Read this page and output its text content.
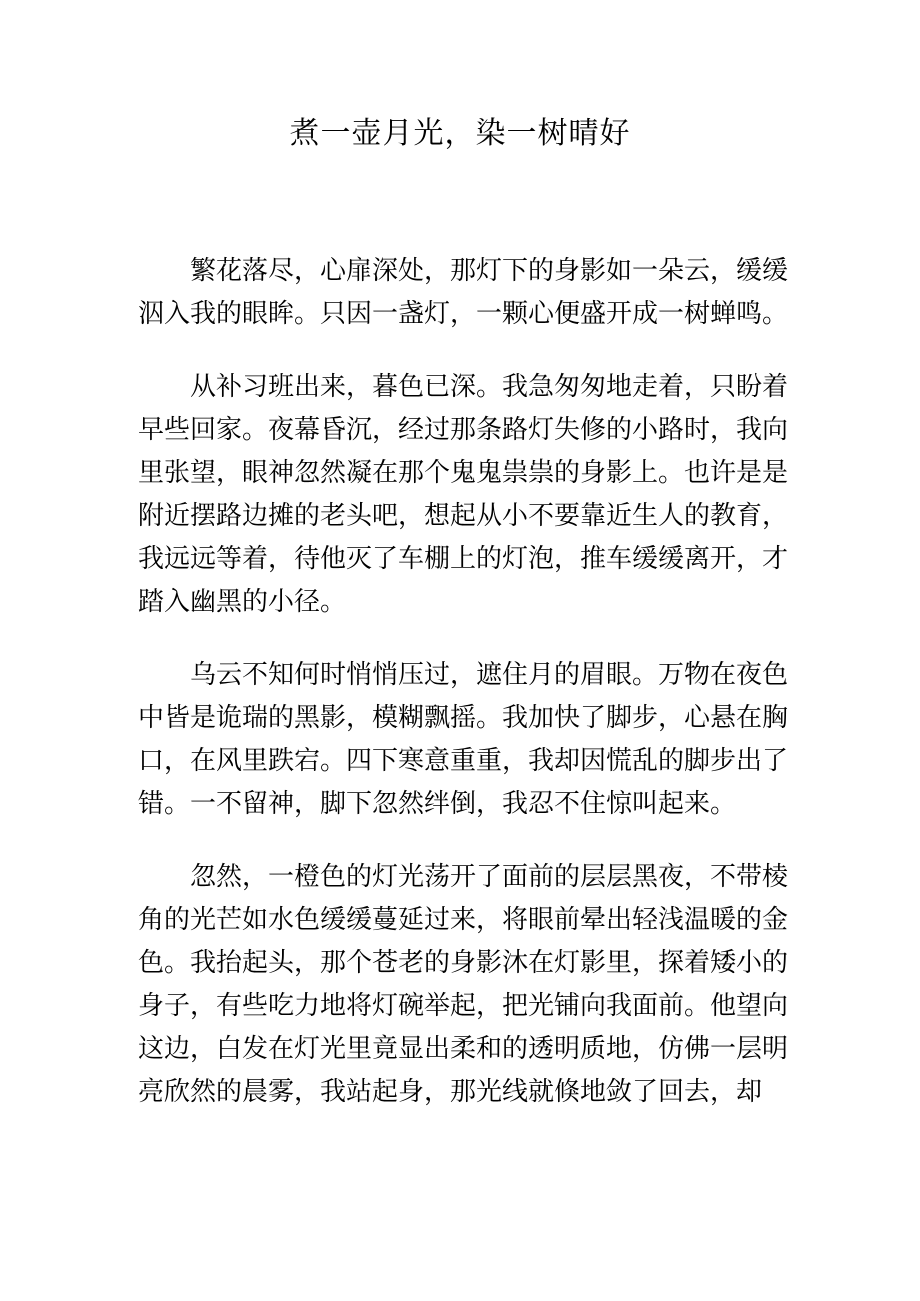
煮一壶月光，染一树晴好

繁花落尽，心扉深处，那灯下的身影如一朵云，缓缓泅入我的眼眸。只因一盏灯，一颗心便盛开成一树蝉鸣。

从补习班出来，暮色已深。我急匆匆地走着，只盼着早些回家。夜幕昏沉，经过那条路灯失修的小路时，我向里张望，眼神忽然凝在那个鬼鬼祟祟的身影上。也许是是附近摆路边摊的老头吧，想起从小不要靠近生人的教育，我远远等着，待他灭了车棚上的灯泡，推车缓缓离开，才踏入幽黑的小径。

乌云不知何时悄悄压过，遮住月的眉眼。万物在夜色中皆是诡瑞的黑影，模糊飘摇。我加快了脚步，心悬在胸口，在风里跌宕。四下寒意重重，我却因慌乱的脚步出了错。一不留神，脚下忽然绊倒，我忍不住惊叫起来。

忽然，一橙色的灯光荡开了面前的层层黑夜，不带棱角的光芒如水色缓缓蔓延过来，将眼前晕出轻浅温暖的金色。我抬起头，那个苍老的身影沐在灯影里，探着矮小的身子，有些吃力地将灯碗举起，把光铺向我面前。他望向这边，白发在灯光里竟显出柔和的透明质地，仿佛一层明亮欣然的晨雾，我站起身，那光线就倏地敛了回去，却
